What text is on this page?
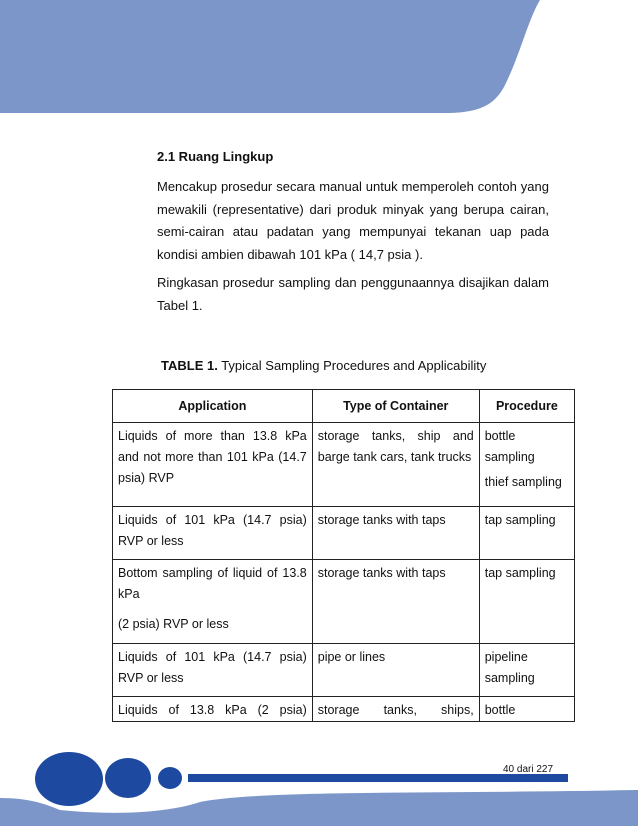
2.1 Ruang Lingkup

Mencakup prosedur secara manual untuk memperoleh contoh yang mewakili (representative) dari produk minyak yang berupa cairan, semi-cairan atau padatan yang mempunyai tekanan uap pada kondisi ambien dibawah 101 kPa ( 14,7 psia ).

Ringkasan prosedur sampling dan penggunaannya disajikan dalam Tabel 1.

TABLE 1. Typical Sampling Procedures and Applicability
Application	Type of Container	Procedure
Liquids of more than 13.8 kPa and not more than 101 kPa (14.7 psia) RVP	storage tanks, ship and barge tank cars, tank trucks	bottle sampling
thief sampling

Liquids of 101 kPa (14.7 psia) RVP or less	storage tanks with taps	tap sampling

Bottom sampling of liquid of 13.8 kPa
(2 psia) RVP or less	storage tanks with taps	tap sampling
Liquids of 101 kPa (14.7 psia) RVP or less	pipe or lines	pipeline sampling

Liquids of 13.8 kPa (2 psia)	storage tanks, ships,	bottle
40 dari 227
